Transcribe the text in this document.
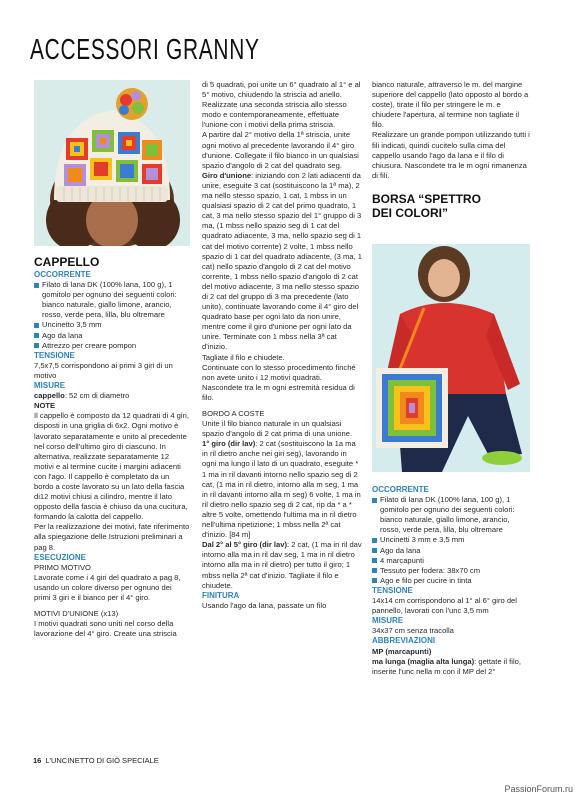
ACCESSORI GRANNY

CAPPELLO

OCCORRENTE

Filato di lana DK (100% lana, 100 g), 1 gomitolo per ognuno dei seguenti colori: bianco naturale, giallo limone, arancio, rosso, verde pera, lilla, blu oltremare

Uncinetto 3,5 mm

Ago da lana

Attrezzo per creare pompon

TENSIONE

7,5x7,5 corrispondono ai primi 3 giri di un motivo

MISURE

cappello: 52 cm di diametro

NOTE

Il cappello è composto da 12 quadrati di 4 giri, disposti in una griglia di 6x2. Ogni motivo è lavorato separatamente e unito al precedente nel corso dell'ultimo giro di ciascuno. In alternativa, realizzate separatamente 12 motivi e al termine cucite i margini adiacenti con l'ago. Il cappello è completato da un bordo a coste lavorato su un lato della fascia di12 motivi chiusi a cilindro, mentre il lato opposto della fascia è chiuso da una cucitura, formando la calotta del cappello.

Per la realizzazione dei motivi, fate riferimento alla spiegazione delle Istruzioni preliminari a pag 8.

ESECUZIONE

PRIMO MOTIVO

Lavorate come i 4 giri del quadrato a pag 8, usando un colore diverso per ognuno dei primi 3 giri e il bianco per il 4° giro.

MOTIVI D'UNIONE (x13)

I motivi quadrati sono uniti nel corso della lavorazione del 4° giro. Create una striscia

di 5 quadrati, poi unite un 6° quadrato al 1° e al 5° motivo, chiudendo la striscia ad anello. Realizzate una seconda striscia allo stesso modo e contemporaneamente, effettuate l'unione con i motivi della prima striscia.

A partire dal 2° motivo della 1ª striscia, unite ogni motivo al precedente lavorando il 4° giro d'unione. Collegate il filo bianco in un qualsiasi spazio d'angolo di 2 cat del quadrato seg.

Giro d'unione: iniziando con 2 lati adiacenti da unire, eseguite 3 cat (sostituiscono la 1ª ma), 2 ma nello stesso spazio, 1 cat, 1 mbss in un qualsiasi spazio di 2 cat del primo quadrato, 1 cat, 3 ma nello stesso spazio del 1° gruppo di 3 ma, (1 mbss nello spazio seg di 1 cat del quadrato adiacente, 3 ma, nello spazio seg di 1 cat del motivo corrente) 2 volte, 1 mbss nello spazio di 1 cat del quadrato adiacente, (3 ma, 1 cat) nello spazio d'angolo di 2 cat del motivo corrente, 1 mbss nello spazio d'angolo di 2 cat del motivo adiacente, 3 ma nello stesso spazio di 2 cat del gruppo di 3 ma precedente (lato unito), continuate lavorando come il 4° giro del quadrato base per ogni lato da non unire, mentre come il giro d'unione per ogni lato da unire. Terminate con 1 mbss nella 3ª cat d'inizio.

Tagliate il filo e chiudete.

Continuate con lo stesso procedimento finché non avete unito i 12 motivi quadrati. Nascondete tra le m ogni estremità residua di filo.

BORDO A COSTE

Unite il filo bianco naturale in un qualsiasi spazio d'angolo di 2 cat prima di una unione.

1° giro (dir lav): 2 cat (sostituiscono la 1a ma in ril dietro anche nei giri seg), lavorando in ogni ma lungo il lato di un quadrato, eseguite * 1 ma in ril davanti intorno nello spazio seg di 2 cat, (1 ma in ril dietro, intorno alla m seg, 1 ma in ril davanti intorno alla m seg) 6 volte, 1 ma in ril dietro nello spazio seg di 2 cat, rip da * a * altre 5 volte, omettendo l'ultima ma in ril dietro nell'ultima ripetizione; 1 mbss nella 2ª cat d'inizio. [84 m]

Dal 2° al 5° giro (dir lav): 2 cat, (1 ma in ril dav intorno alla ma in ril dav seg, 1 ma in ril dietro intorno alla ma in ril dietro) per tutto il giro; 1 mbss nella 2ª cat d'inizio. Tagliate il filo e chiudete.

FINITURA

Usando l'ago da lana, passate un filo

bianco naturale, attraverso le m. del margine superiore del cappello (lato opposto al bordo a coste), tirate il filo per stringere le m. e chiudere l'apertura, al termine non tagliate il filo.

Realizzare un grande pompon utilizzando tutti i fili indicati, quindi cucitelo sulla cima del cappello usando l'ago da lana e il filo di chiusura. Nascondete tra le m ogni rimanenza di fili.

BORSA “SPETTRO
DEI COLORI”

OCCORRENTE

Filato di lana DK (100% lana, 100 g), 1 gomitolo per ognuno dei seguenti colori: bianco naturale, giallo limone, arancio, rosso, verde pera, lilla, blu oltremare

Uncinetti 3 mm e 3,5 mm

Ago da lana

4 marcapunti

Tessuto per fodera: 38x70 cm

Ago e filo per cucire in tinta

TENSIONE

14x14 cm corrispondono al 1° al 6° giro del pannello, lavorati con l'unc 3,5 mm

MISURE

34x37 cm senza tracolla

ABBREVIAZIONI

MP (marcapunti)

ma lunga (maglia alta lunga): gettate il filo, inserite l'unc nella m con il MP del 2°

16 L'UNCINETTO DI GIÒ SPECIALE
PassionForum.ru
